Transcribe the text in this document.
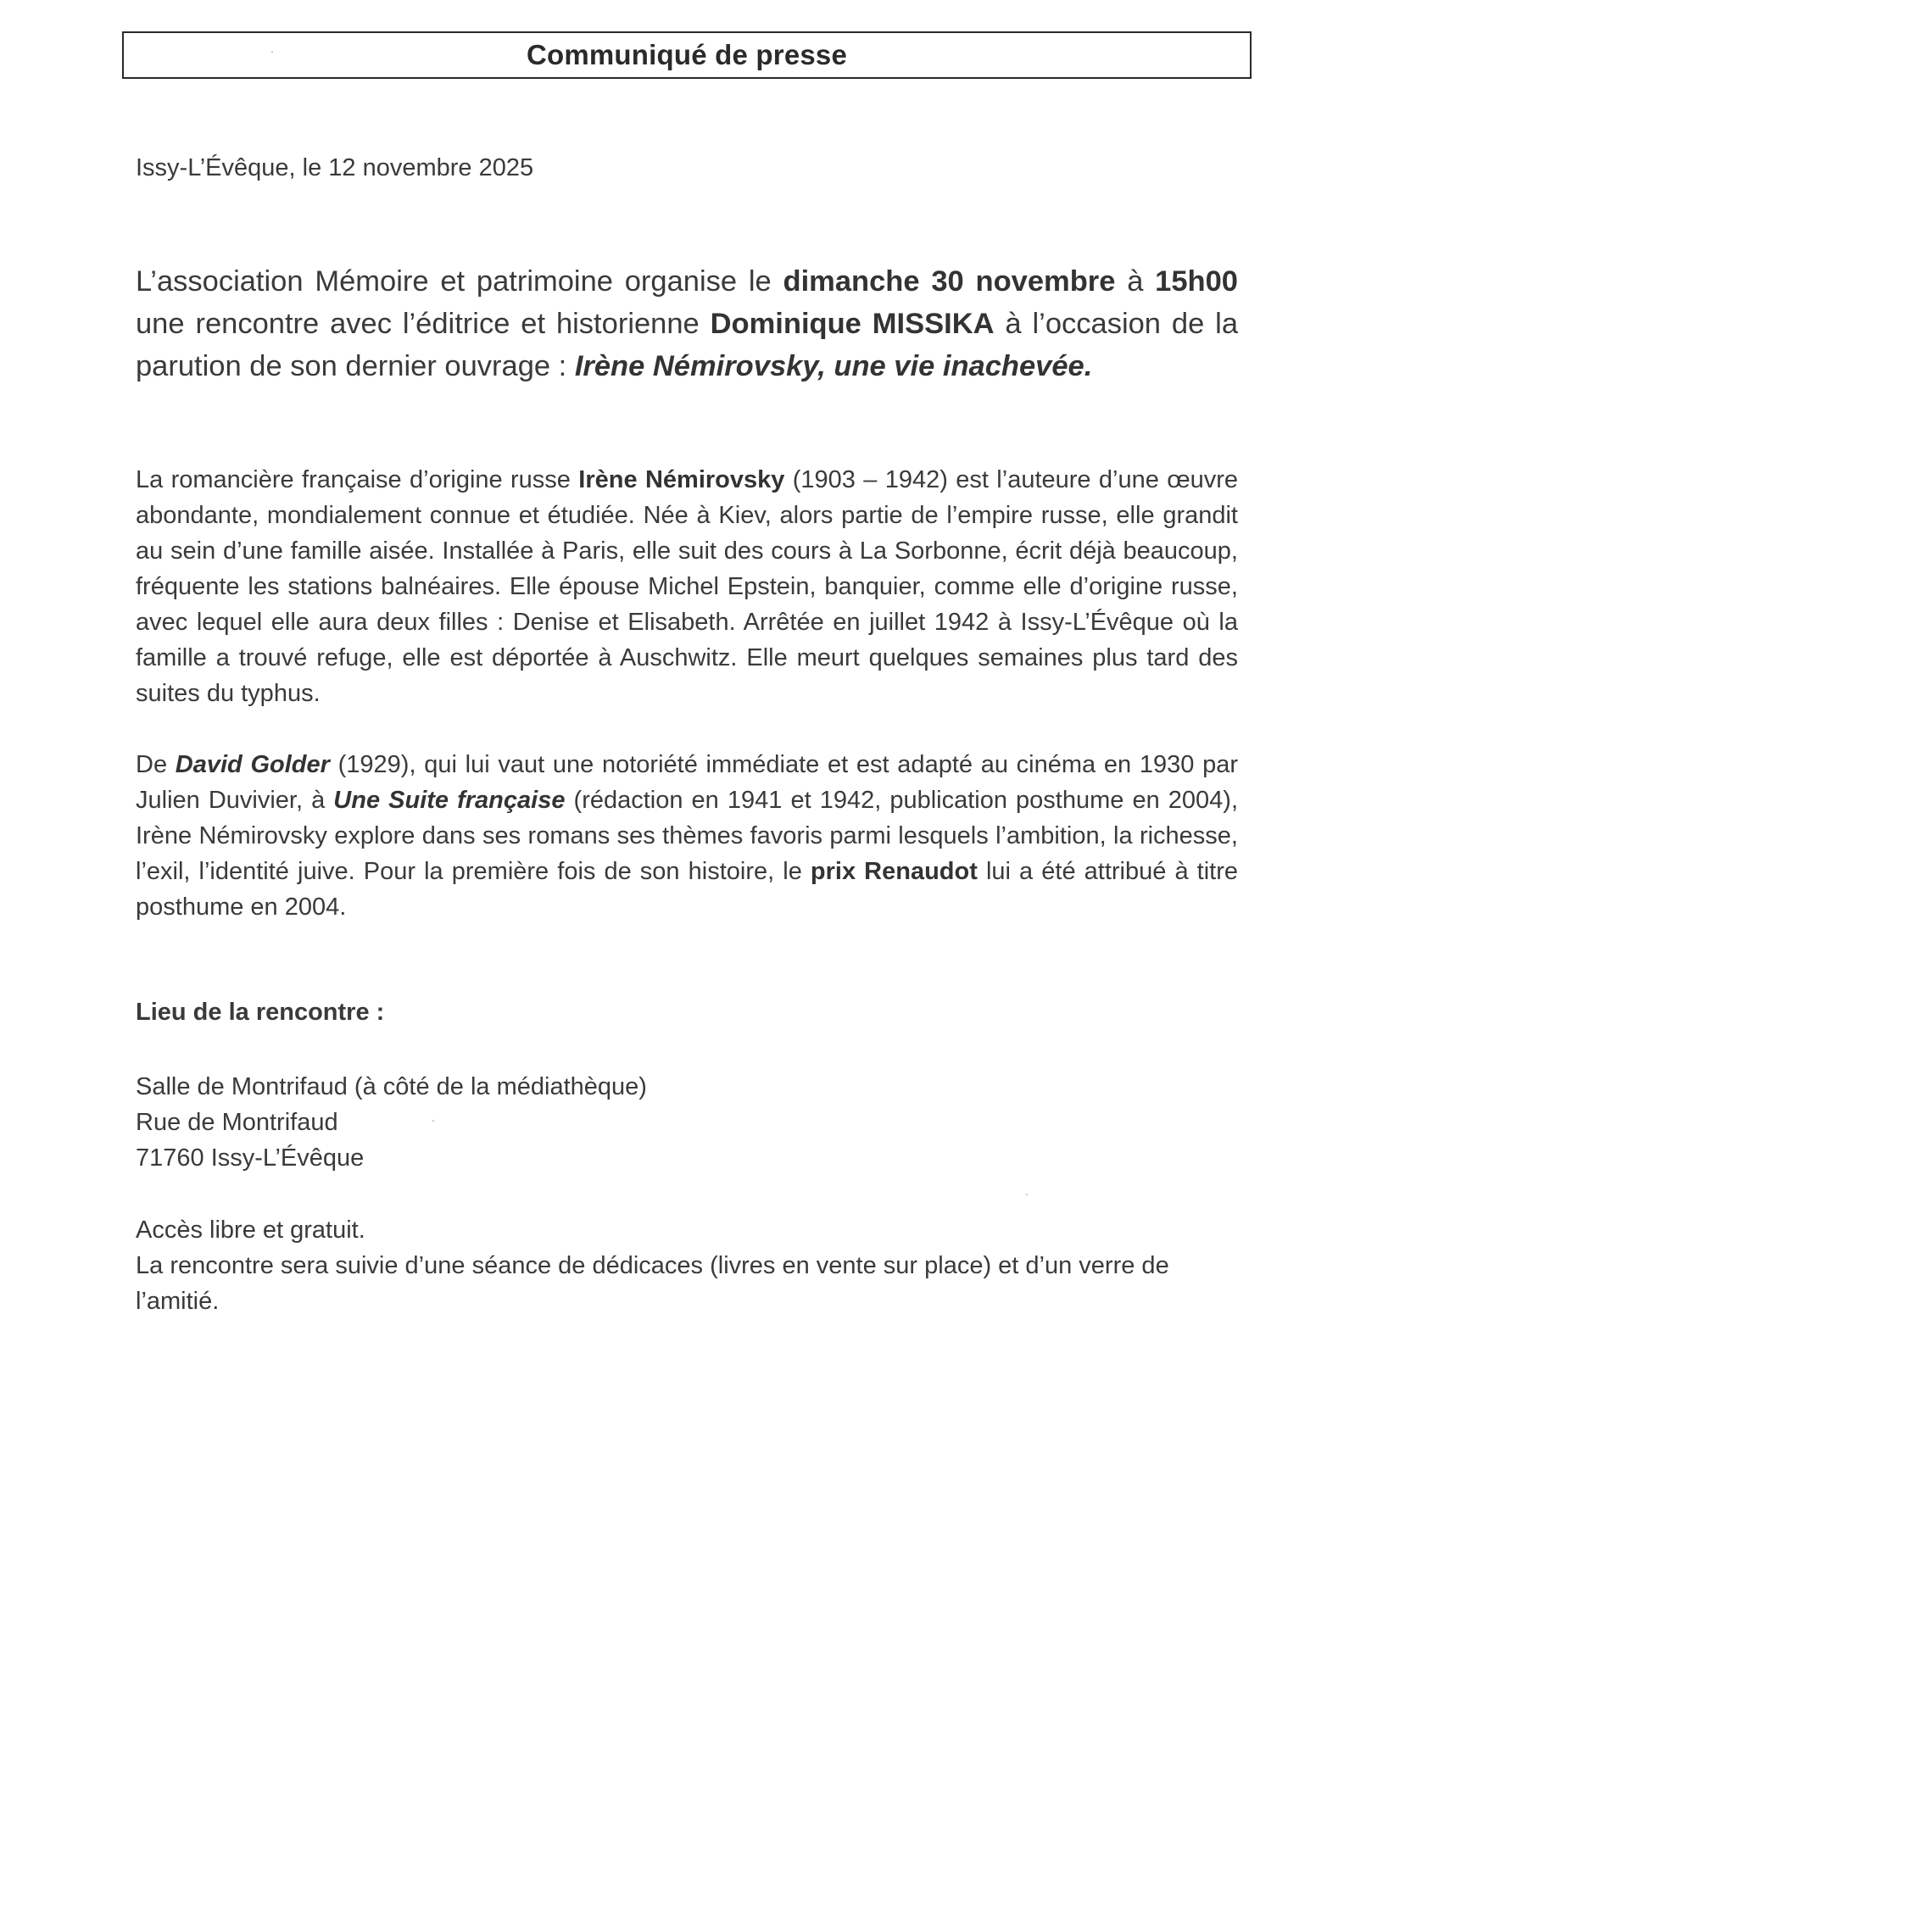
Communiqué de presse

Issy-L’Évêque, le 12 novembre 2025

L’association Mémoire et patrimoine organise le dimanche 30 novembre à 15h00 une rencontre avec l’éditrice et historienne Dominique MISSIKA à l’occasion de la parution de son dernier ouvrage : Irène Némirovsky, une vie inachevée.

La romancière française d’origine russe Irène Némirovsky (1903 – 1942) est l’auteure d’une œuvre abondante, mondialement connue et étudiée. Née à Kiev, alors partie de l’empire russe, elle grandit au sein d’une famille aisée. Installée à Paris, elle suit des cours à La Sorbonne, écrit déjà beaucoup, fréquente les stations balnéaires. Elle épouse Michel Epstein, banquier, comme elle d’origine russe, avec lequel elle aura deux filles : Denise et Elisabeth. Arrêtée en juillet 1942 à Issy-L’Évêque où la famille a trouvé refuge, elle est déportée à Auschwitz. Elle meurt quelques semaines plus tard des suites du typhus.

De David Golder (1929), qui lui vaut une notoriété immédiate et est adapté au cinéma en 1930 par Julien Duvivier, à Une Suite française (rédaction en 1941 et 1942, publication posthume en 2004), Irène Némirovsky explore dans ses romans ses thèmes favoris parmi lesquels l’ambition, la richesse, l’exil, l’identité juive. Pour la première fois de son histoire, le prix Renaudot lui a été attribué à titre posthume en 2004.

Lieu de la rencontre :

Salle de Montrifaud (à côté de la médiathèque)
Rue de Montrifaud
71760 Issy-L’Évêque

Accès libre et gratuit.
La rencontre sera suivie d’une séance de dédicaces (livres en vente sur place) et d’un verre de l’amitié.
